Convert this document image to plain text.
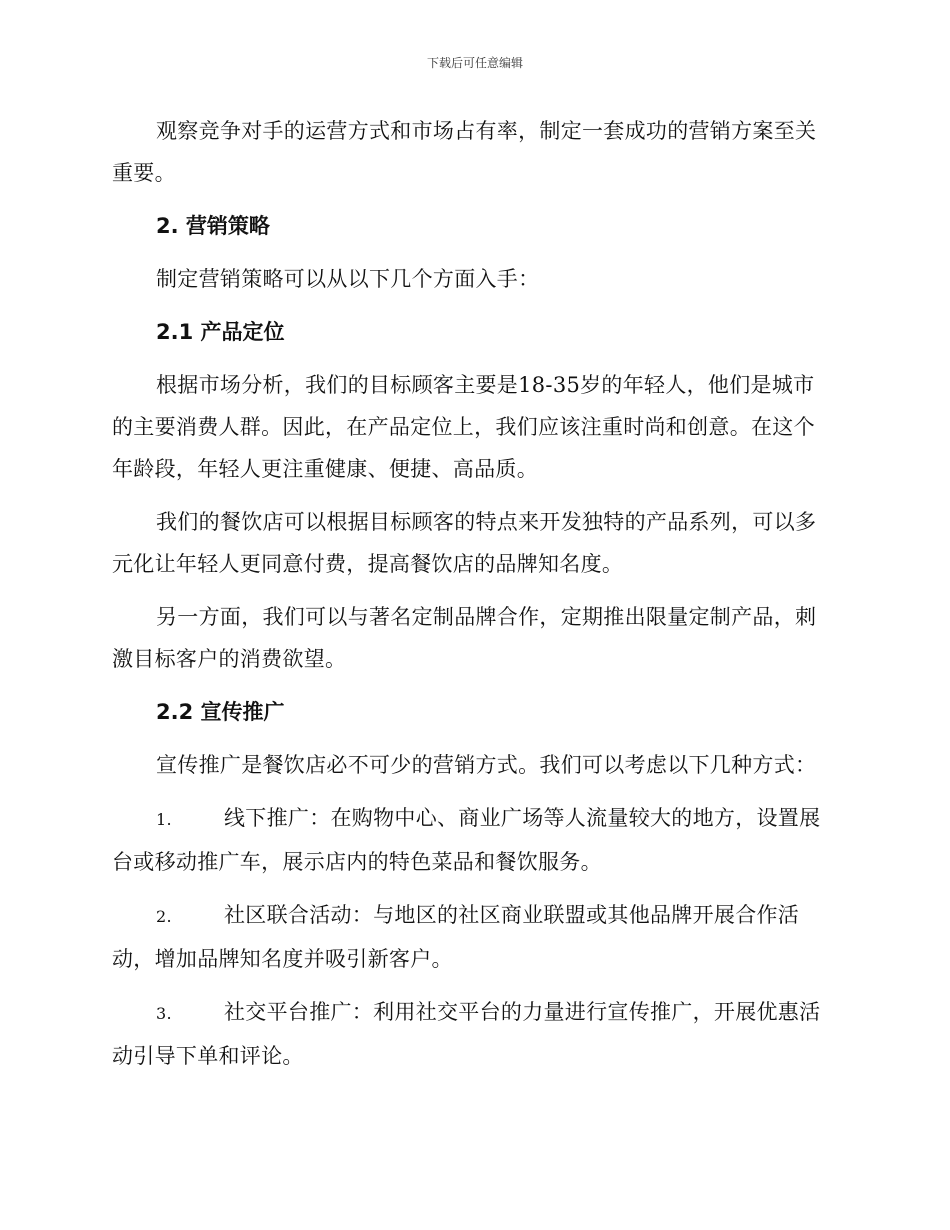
下载后可任意编辑

观察竞争对手的运营方式和市场占有率，制定一套成功的营销方案至关重要。

2. 营销策略

制定营销策略可以从以下几个方面入手：

2.1 产品定位

根据市场分析，我们的目标顾客主要是18-35岁的年轻人，他们是城市的主要消费人群。因此，在产品定位上，我们应该注重时尚和创意。在这个年龄段，年轻人更注重健康、便捷、高品质。

我们的餐饮店可以根据目标顾客的特点来开发独特的产品系列，可以多元化让年轻人更同意付费，提高餐饮店的品牌知名度。

另一方面，我们可以与著名定制品牌合作，定期推出限量定制产品，刺激目标客户的消费欲望。

2.2 宣传推广

宣传推广是餐饮店必不可少的营销方式。我们可以考虑以下几种方式：

1. 线下推广：在购物中心、商业广场等人流量较大的地方，设置展台或移动推广车，展示店内的特色菜品和餐饮服务。

2. 社区联合活动：与地区的社区商业联盟或其他品牌开展合作活动，增加品牌知名度并吸引新客户。

3. 社交平台推广：利用社交平台的力量进行宣传推广，开展优惠活动引导下单和评论。
